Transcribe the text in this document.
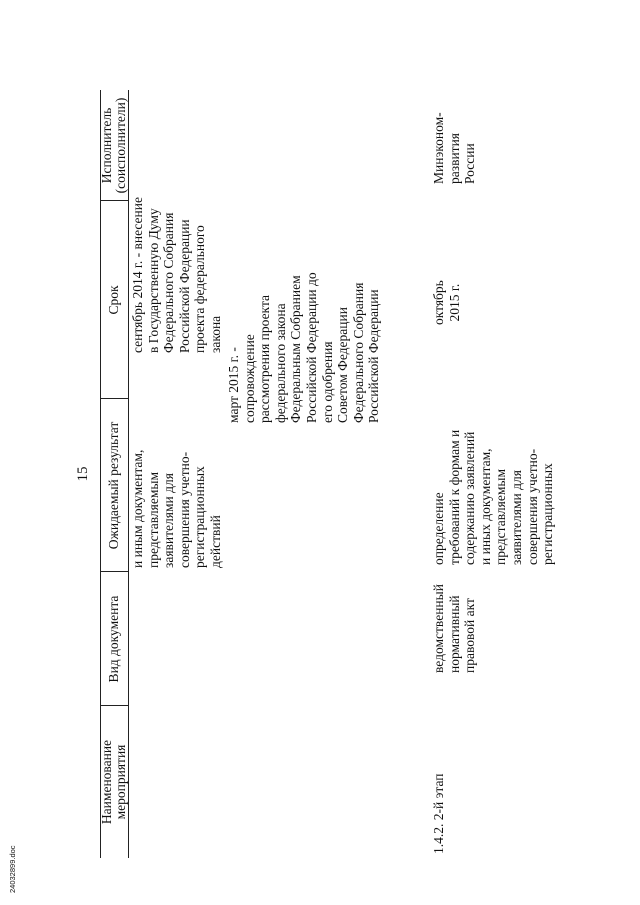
15
Наименование мероприятия
Вид документа
Ожидаемый результат
Срок
Исполнитель (соисполнители)
и иным документам,
представляемым
заявителями для
совершения учетно-
регистрационных
действий
сентябрь 2014 г. - внесение
в Государственную Думу
Федерального Собрания
Российской Федерации
проекта федерального
закона
март 2015 г. -
сопровождение
рассмотрения проекта
федерального закона
Федеральным Собранием
Российской Федерации до
его одобрения
Советом Федерации
Федерального Собрания
Российской Федерации
1.4.2. 2-й этап
ведомственный
нормативный
правовой акт
определение
требований к формам и
содержанию заявлений
и иных документам,
представляемым
заявителями для
совершения учетно-
регистрационных
октябрь
2015 г.
Минэконом-
развития России
24032899.doc
